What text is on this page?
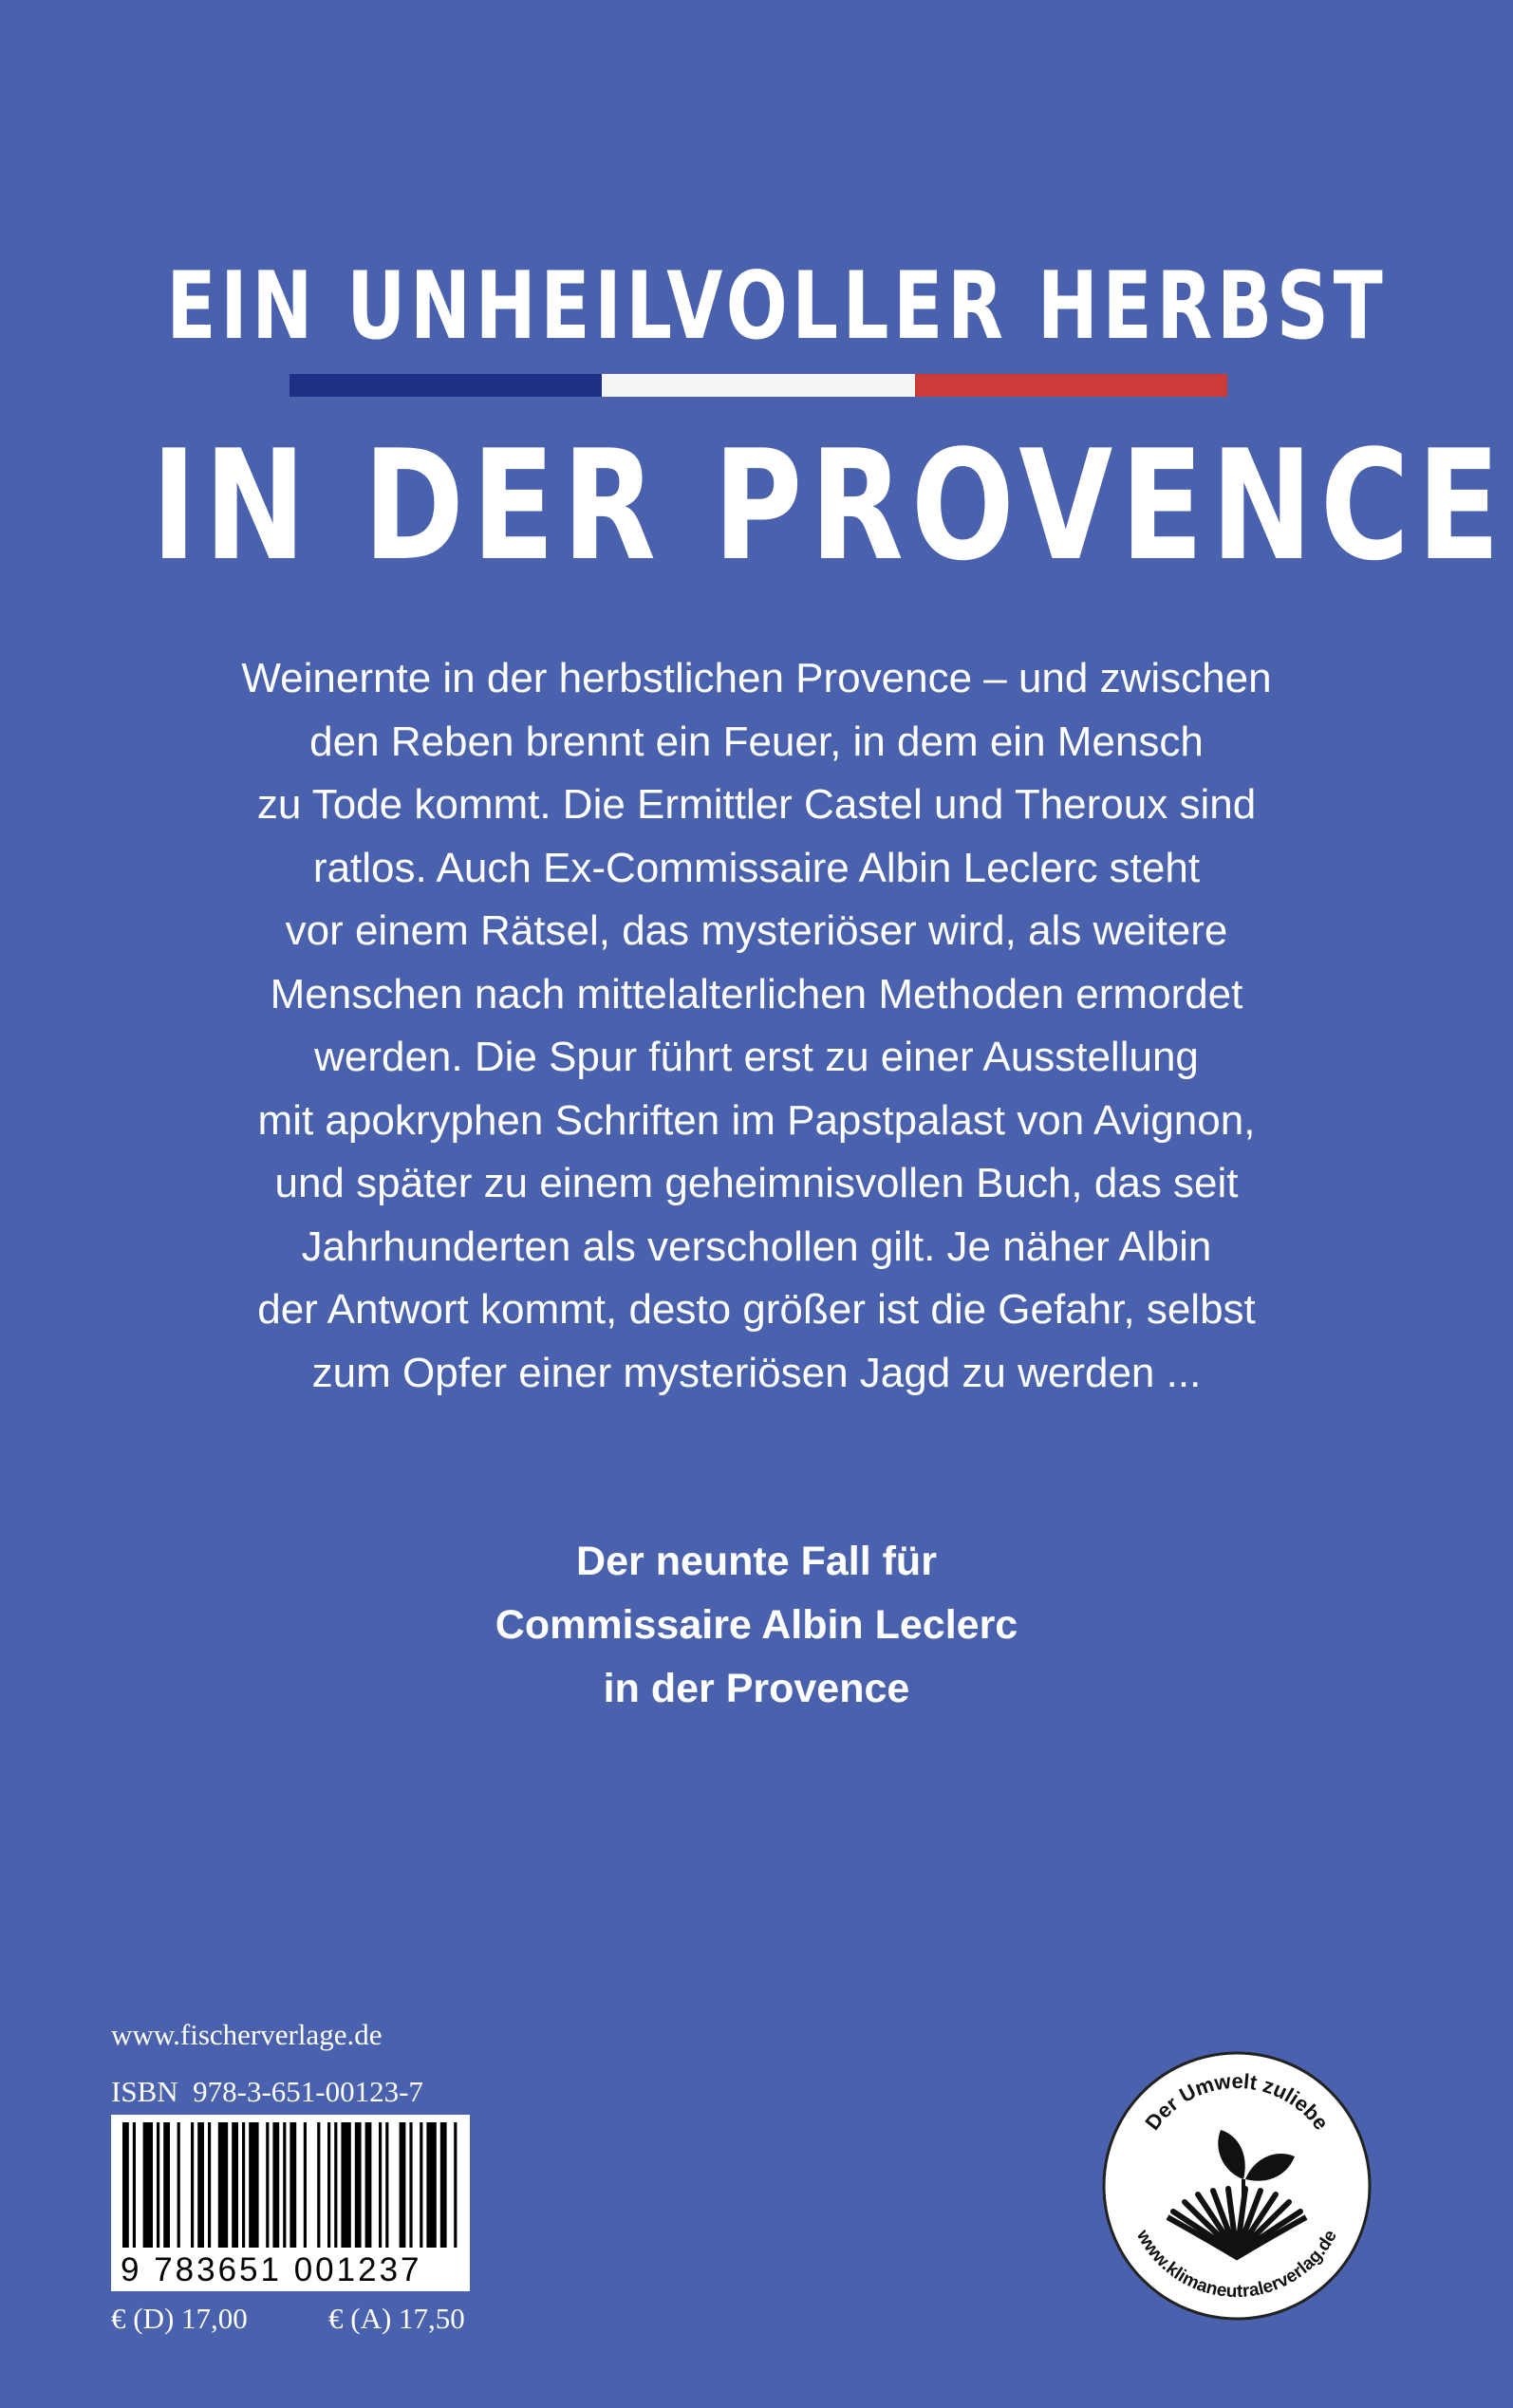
EIN UNHEILVOLLER HERBST
IN DER PROVENCE
Weinernte in der herbstlichen Provence – und zwischen
den Reben brennt ein Feuer, in dem ein Mensch
zu Tode kommt. Die Ermittler Castel und Theroux sind
ratlos. Auch Ex-Commissaire Albin Leclerc steht
vor einem Rätsel, das mysteriöser wird, als weitere
Menschen nach mittelalterlichen Methoden ermordet
werden. Die Spur führt erst zu einer Ausstellung
mit apokryphen Schriften im Papstpalast von Avignon,
und später zu einem geheimnisvollen Buch, das seit
Jahrhunderten als verschollen gilt. Je näher Albin
der Antwort kommt, desto größer ist die Gefahr, selbst
zum Opfer einer mysteriösen Jagd zu werden ...
Der neunte Fall für
Commissaire Albin Leclerc
in der Provence
www.fischerverlage.de
ISBN  978-3-651-00123-7
9 783651 001237
€ (D) 17,00	€ (A) 17,50
Der Umwelt zuliebe
www.klimaneutralerverlag.de
